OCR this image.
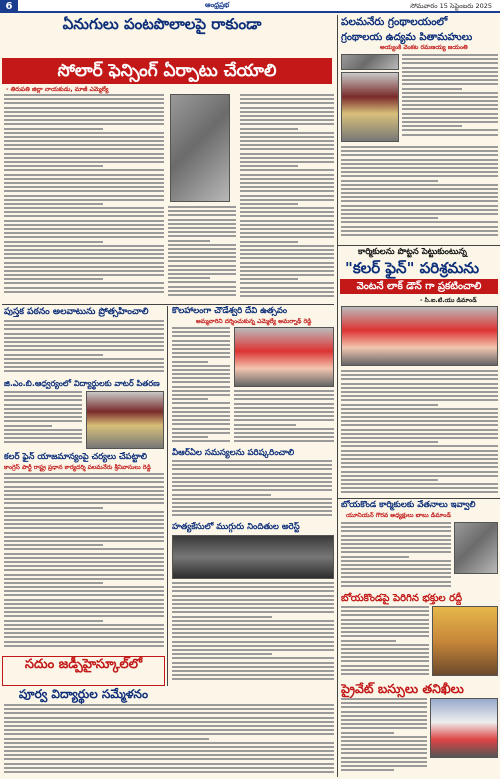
6	ఆంధ్రప్రభ	సోమవారం 15 సెప్టెంబరు 2025
ఏనుగులు పంటపొలాలపై రాకుండా
సోలార్ ఫెన్సింగ్ ఏర్పాటు చేయాలి
- తిరుపతి జిల్లా నాయకుడు, మాజీ ఎమ్మెల్యే
పుస్తక పఠనం అలవాటును ప్రోత్సహించాలి
జి.ఎం.బి.ఆధ్వర్యంలో విద్యార్థులకు వాటర్ పితరణ
కలర్ ఫైన్ యాజమాన్యంపై చర్యలు చేపట్టాలి
కాంగ్రెస్ పార్టీ రాష్ట్ర ప్రధాన కార్యదర్శి పలమనేరు శ్రీనివాసులు రెడ్డి
కొలహాలంగా చౌడేశ్వరి దేవి ఉత్సవం
అమ్మవారిని దర్శించుకున్న ఎమ్మెల్యే అమర్నాథ్ రెడ్డి
వీఆర్‌ఏల సమస్యలను పరిష్కరించాలి
హత్యకేసులో ముగ్గురు నిందితుల అరెస్ట్
సదుం జడ్పీహైస్కూల్‌లో
పూర్వ విద్యార్థుల సమ్మేళనం
పలమనేరు గ్రంథాలయంలో
గ్రంథాలయ ఉద్యమ పితామహులు
అయ్యంకి వెంకట రమణయ్య జయంతి
కార్మికులను పొట్టన పెట్టుకుంటున్న
"కలర్ ఫైన్" పరిశ్రమను
వెంటనే లాక్ డౌన్ గా ప్రకటించాలి
- సి.ఐ.టి.యు డిమాండ్
బోయకొండ కార్మికులకు వేతనాలు ఇవ్వాలి
యూనియన్ గౌరవ అధ్యక్షులు బాబు డిమాండ్
బోయకొండపై పెరిగిన భక్తుల రద్దీ
ప్రైవేట్ బస్సులు తనిఖీలు
